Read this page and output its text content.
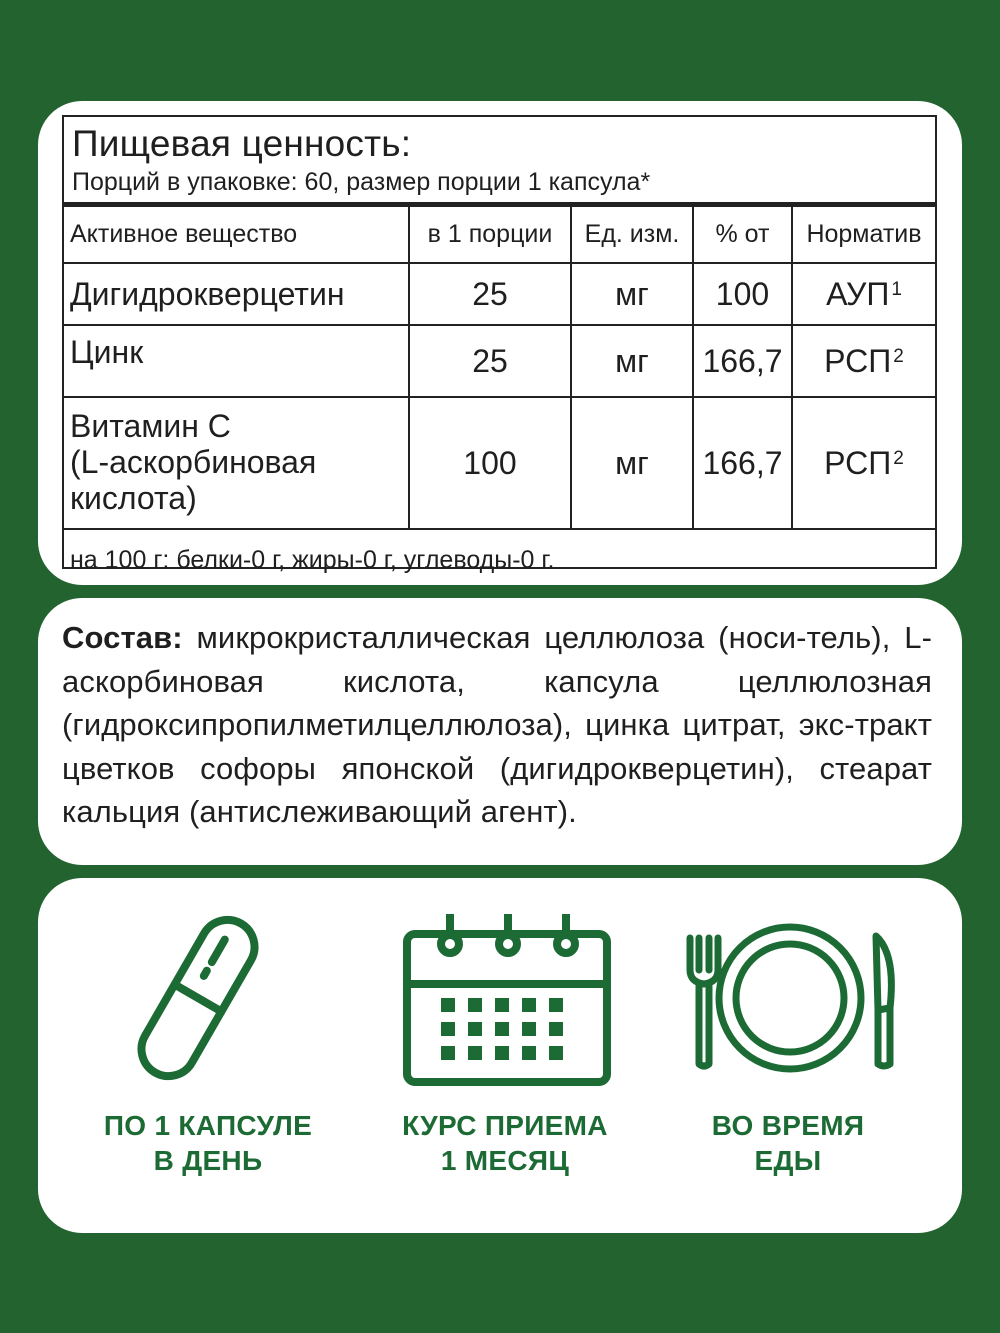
Пищевая ценность:
Порций в упаковке: 60, размер порции 1 капсула*
Активное вещество	в 1 порции	Ед. изм.	% от	Норматив
Дигидрокверцетин	25	мг	100	АУП $^1$
Цинк	25	мг	166,7	РСП $^2$
Витамин С
(L-аскорбиновая
кислота)	100	мг	166,7	РСП $^2$
на 100 г: белки-0 г, жиры-0 г, углеводы-0 г.				
Состав: микрокристаллическая целлюлоза (носи-тель), L-аскорбиновая кислота, капсула целлюлозная (гидроксипропилметилцеллюлоза), цинка цитрат, экс-тракт цветков софоры японской (дигидрокверцетин), стеарат кальция (антислеживающий агент).
ПО 1 КАПСУЛЕ
В ДЕНЬ
КУРС ПРИЕМА
1 МЕСЯЦ
ВО ВРЕМЯ
ЕДЫ
